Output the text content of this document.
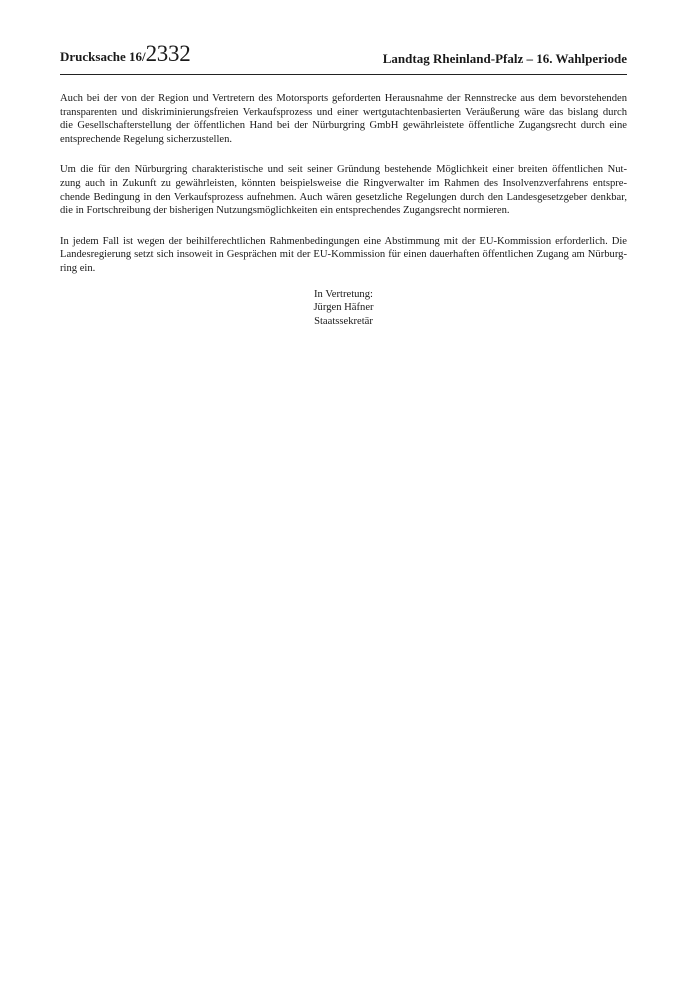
Drucksache 16/2332	Landtag Rheinland-Pfalz – 16. Wahlperiode

Auch bei der von der Region und Vertretern des Motorsports geforderten Herausnahme der Rennstrecke aus dem bevorstehenden
transparenten und diskriminierungsfreien Verkaufsprozess und einer wertgutachtenbasierten Veräußerung wäre das bislang durch
die Gesellschafterstellung der öffentlichen Hand bei der Nürburgring GmbH gewährleistete öffentliche Zugangsrecht durch eine
entsprechende Regelung sicherzustellen.

Um die für den Nürburgring charakteristische und seit seiner Gründung bestehende Möglichkeit einer breiten öffentlichen Nut-
zung auch in Zukunft zu gewährleisten, könnten beispielsweise die Ringverwalter im Rahmen des Insolvenzverfahrens entspre-
chende Bedingung in den Verkaufsprozess aufnehmen. Auch wären gesetzliche Regelungen durch den Landesgesetzgeber denkbar,
die in Fortschreibung der bisherigen Nutzungsmöglichkeiten ein entsprechendes Zugangsrecht normieren.

In jedem Fall ist wegen der beihilferechtlichen Rahmenbedingungen eine Abstimmung mit der EU-Kommission erforderlich. Die
Landesregierung setzt sich insoweit in Gesprächen mit der EU-Kommission für einen dauerhaften öffentlichen Zugang am Nürburg-
ring ein.

In Vertretung:
Jürgen Häfner
Staatssekretär
